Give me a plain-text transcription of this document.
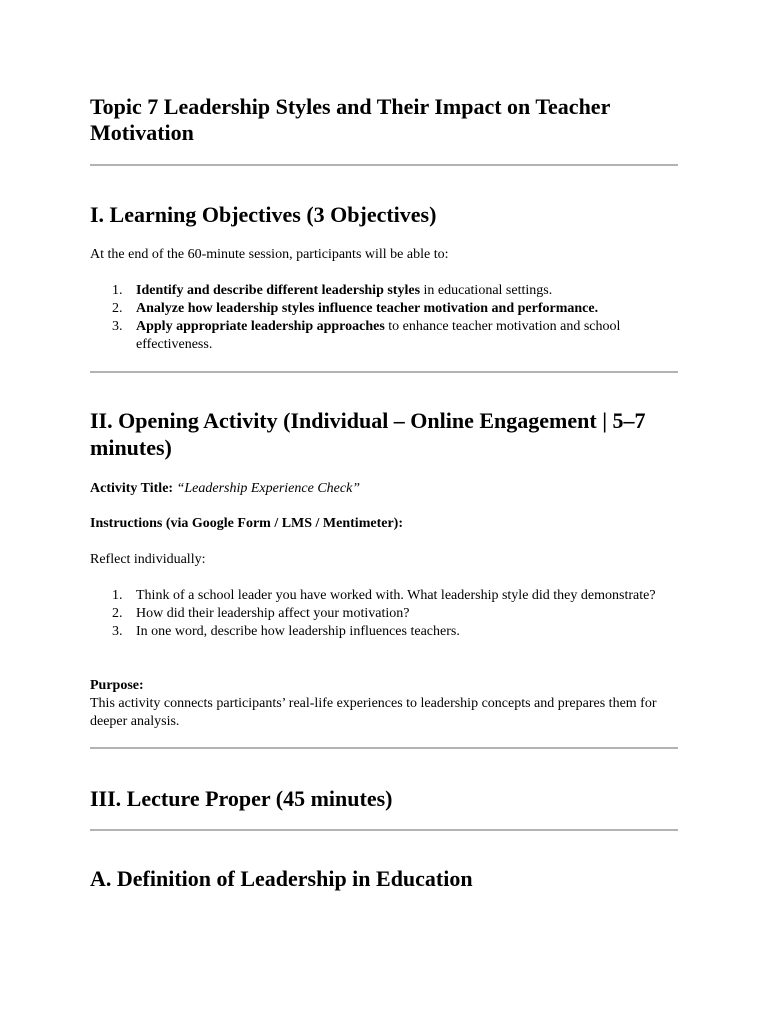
Topic 7 Leadership Styles and Their Impact on Teacher Motivation
I. Learning Objectives (3 Objectives)

At the end of the 60-minute session, participants will be able to:

1. Identify and describe different leadership styles in educational settings.
2. Analyze how leadership styles influence teacher motivation and performance.
3. Apply appropriate leadership approaches to enhance teacher motivation and school effectiveness.
II. Opening Activity (Individual – Online Engagement | 5–7 minutes)

Activity Title: “Leadership Experience Check”

Instructions (via Google Form / LMS / Mentimeter):

Reflect individually:

1. Think of a school leader you have worked with. What leadership style did they demonstrate?
2. How did their leadership affect your motivation?
3. In one word, describe how leadership influences teachers.

Purpose:

This activity connects participants’ real-life experiences to leadership concepts and prepares them for deeper analysis.

III. Lecture Proper (45 minutes)
A. Definition of Leadership in Education
